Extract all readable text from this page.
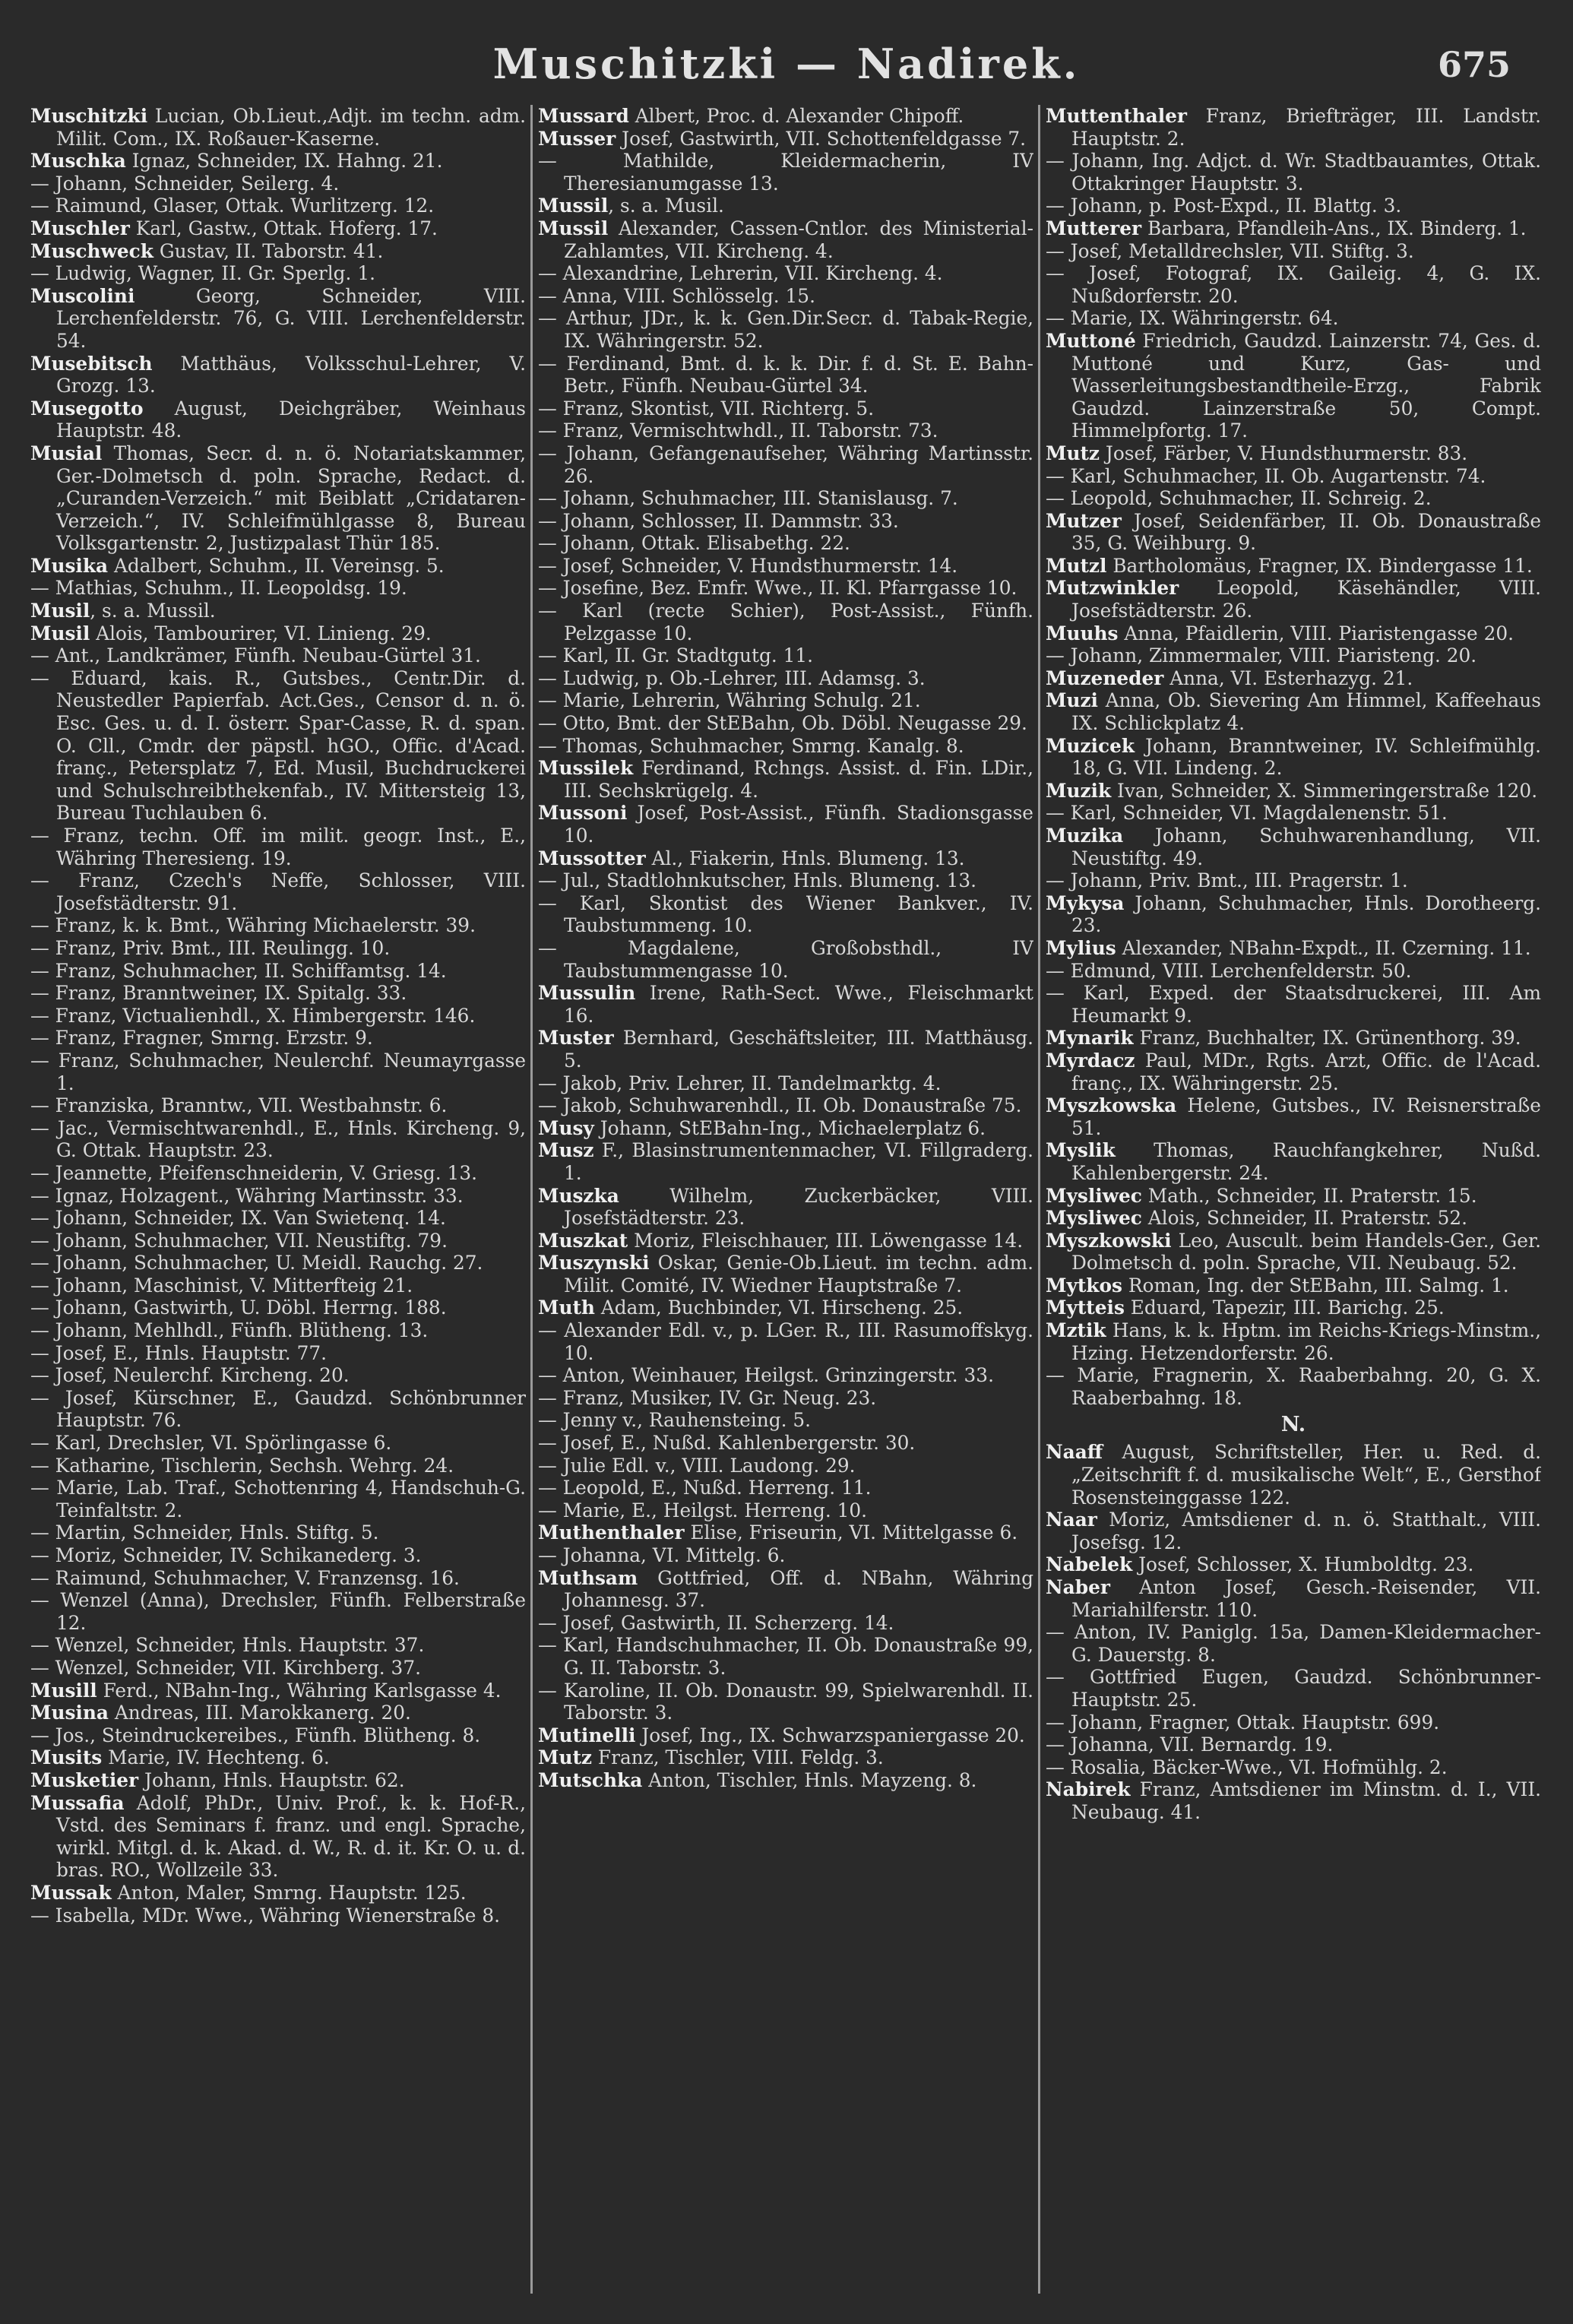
Muschitzki — Nadirek.	675

Muschitzki Lucian, Ob.Lieut.,Adjt. im techn. adm. Milit. Com., IX. Roßauer-Kaserne.

Muschka Ignaz, Schneider, IX. Hahng. 21.

— Johann, Schneider, Seilerg. 4.

— Raimund, Glaser, Ottak. Wurlitzerg. 12.

Muschler Karl, Gastw., Ottak. Hoferg. 17.

Muschweck Gustav, II. Taborstr. 41.

— Ludwig, Wagner, II. Gr. Sperlg. 1.

Muscolini Georg, Schneider, VIII. Lerchenfelderstr. 76, G. VIII. Lerchenfelderstr. 54.

Musebitsch Matthäus, Volksschul-Lehrer, V. Grozg. 13.

Musegotto August, Deichgräber, Weinhaus Hauptstr. 48.

Musial Thomas, Secr. d. n. ö. Notariatskammer, Ger.-Dolmetsch d. poln. Sprache, Redact. d.„Curanden-Verzeich.“ mit Beiblatt „Cridataren-Verzeich.“, IV. Schleifmühlgasse 8, Bureau Volksgartenstr. 2, Justizpalast Thür 185.

Musika Adalbert, Schuhm., II. Vereinsg. 5.

— Mathias, Schuhm., II. Leopoldsg. 19.

Musil, s. a. Mussil.

Musil Alois, Tambourirer, VI. Linieng. 29.

— Ant., Landkrämer, Fünfh. Neubau-Gürtel 31.

— Eduard, kais. R., Gutsbes., Centr.Dir. d. Neustedler Papierfab. Act.Ges., Censor d. n. ö. Esc. Ges. u. d. I. österr. Spar-Casse, R. d. span. O. Cll., Cmdr. der päpstl. hGO., Offic. d'Acad. franç., Petersplatz 7, Ed. Musil, Buchdruckerei und Schulschreibthekenfab., IV. Mittersteig 13, Bureau Tuchlauben 6.

— Franz, techn. Off. im milit. geogr. Inst., E., Währing Theresieng. 19.

— Franz, Czech's Neffe, Schlosser, VIII. Josefstädterstr. 91.

— Franz, k. k. Bmt., Währing Michaelerstr. 39.

— Franz, Priv. Bmt., III. Reulingg. 10.

— Franz, Schuhmacher, II. Schiffamtsg. 14.

— Franz, Branntweiner, IX. Spitalg. 33.

— Franz, Victualienhdl., X. Himbergerstr. 146.

— Franz, Fragner, Smrng. Erzstr. 9.

— Franz, Schuhmacher, Neulerchf. Neumayrgasse 1.

— Franziska, Branntw., VII. Westbahnstr. 6.

— Jac., Vermischtwarenhdl., E., Hnls. Kircheng. 9, G. Ottak. Hauptstr. 23.

— Jeannette, Pfeifenschneiderin, V. Griesg. 13.

— Ignaz, Holzagent., Währing Martinsstr. 33.

— Johann, Schneider, IX. Van Swietenq. 14.

— Johann, Schuhmacher, VII. Neustiftg. 79.

— Johann, Schuhmacher, U. Meidl. Rauchg. 27.

— Johann, Maschinist, V. Mitterfteig 21.

— Johann, Gastwirth, U. Döbl. Herrng. 188.

— Johann, Mehlhdl., Fünfh. Blütheng. 13.

— Josef, E., Hnls. Hauptstr. 77.

— Josef, Neulerchf. Kircheng. 20.

— Josef, Kürschner, E., Gaudzd. Schönbrunner Hauptstr. 76.

— Karl, Drechsler, VI. Spörlingasse 6.

— Katharine, Tischlerin, Sechsh. Wehrg. 24.

— Marie, Lab. Traf., Schottenring 4, Handschuh-G. Teinfaltstr. 2.

— Martin, Schneider, Hnls. Stiftg. 5.

— Moriz, Schneider, IV. Schikanederg. 3.

— Raimund, Schuhmacher, V. Franzensg. 16.

— Wenzel (Anna), Drechsler, Fünfh. Felberstraße 12.

— Wenzel, Schneider, Hnls. Hauptstr. 37.

— Wenzel, Schneider, VII. Kirchberg. 37.

Musill Ferd., NBahn-Ing., Währing Karlsgasse 4.

Musina Andreas, III. Marokkanerg. 20.

— Jos., Steindruckereibes., Fünfh. Blütheng. 8.

Musits Marie, IV. Hechteng. 6.

Musketier Johann, Hnls. Hauptstr. 62.

Mussafia Adolf, PhDr., Univ. Prof., k. k. Hof-R., Vstd. des Seminars f. franz. und engl. Sprache, wirkl. Mitgl. d. k. Akad. d. W., R. d. it. Kr. O. u. d. bras. RO., Wollzeile 33.

Mussak Anton, Maler, Smrng. Hauptstr. 125.

— Isabella, MDr. Wwe., Währing Wienerstraße 8.

Mussard Albert, Proc. d. Alexander Chipoff.

Musser Josef, Gastwirth, VII. Schottenfeldgasse 7.

— Mathilde, Kleidermacherin, IV Theresianumgasse 13.

Mussil, s. a. Musil.

Mussil Alexander, Cassen-Cntlor. des Ministerial-Zahlamtes, VII. Kircheng. 4.

— Alexandrine, Lehrerin, VII. Kircheng. 4.

— Anna, VIII. Schlösselg. 15.

— Arthur, JDr., k. k. Gen.Dir.Secr. d. Tabak-Regie, IX. Währingerstr. 52.

— Ferdinand, Bmt. d. k. k. Dir. f. d. St. E. Bahn-Betr., Fünfh. Neubau-Gürtel 34.

— Franz, Skontist, VII. Richterg. 5.

— Franz, Vermischtwhdl., II. Taborstr. 73.

— Johann, Gefangenaufseher, Währing Martinsstr. 26.

— Johann, Schuhmacher, III. Stanislausg. 7.

— Johann, Schlosser, II. Dammstr. 33.

— Johann, Ottak. Elisabethg. 22.

— Josef, Schneider, V. Hundsthurmerstr. 14.

— Josefine, Bez. Emfr. Wwe., II. Kl. Pfarrgasse 10.

— Karl (recte Schier), Post-Assist., Fünfh. Pelzgasse 10.

— Karl, II. Gr. Stadtgutg. 11.

— Ludwig, p. Ob.-Lehrer, III. Adamsg. 3.

— Marie, Lehrerin, Währing Schulg. 21.

— Otto, Bmt. der StEBahn, Ob. Döbl. Neugasse 29.

— Thomas, Schuhmacher, Smrng. Kanalg. 8.

Mussilek Ferdinand, Rchngs. Assist. d. Fin. LDir., III. Sechskrügelg. 4.

Mussoni Josef, Post-Assist., Fünfh. Stadionsgasse 10.

Mussotter Al., Fiakerin, Hnls. Blumeng. 13.

— Jul., Stadtlohnkutscher, Hnls. Blumeng. 13.

— Karl, Skontist des Wiener Bankver., IV. Taubstummeng. 10.

— Magdalene, Großobsthdl., IV Taubstummengasse 10.

Mussulin Irene, Rath-Sect. Wwe., Fleischmarkt 16.

Muster Bernhard, Geschäftsleiter, III. Matthäusg. 5.

— Jakob, Priv. Lehrer, II. Tandelmarktg. 4.

— Jakob, Schuhwarenhdl., II. Ob. Donaustraße 75.

Musy Johann, StEBahn-Ing., Michaelerplatz 6.

Musz F., Blasinstrumentenmacher, VI. Fillgraderg. 1.

Muszka Wilhelm, Zuckerbäcker, VIII. Josefstädterstr. 23.

Muszkat Moriz, Fleischhauer, III. Löwengasse 14.

Muszynski Oskar, Genie-Ob.Lieut. im techn. adm. Milit. Comité, IV. Wiedner Hauptstraße 7.

Muth Adam, Buchbinder, VI. Hirscheng. 25.

— Alexander Edl. v., p. LGer. R., III. Rasumoffskyg. 10.

— Anton, Weinhauer, Heilgst. Grinzingerstr. 33.

— Franz, Musiker, IV. Gr. Neug. 23.

— Jenny v., Rauhensteing. 5.

— Josef, E., Nußd. Kahlenbergerstr. 30.

— Julie Edl. v., VIII. Laudong. 29.

— Leopold, E., Nußd. Herreng. 11.

— Marie, E., Heilgst. Herreng. 10.

Muthenthaler Elise, Friseurin, VI. Mittelgasse 6.

— Johanna, VI. Mittelg. 6.

Muthsam Gottfried, Off. d. NBahn, Währing Johannesg. 37.

— Josef, Gastwirth, II. Scherzerg. 14.

— Karl, Handschuhmacher, II. Ob. Donaustraße 99, G. II. Taborstr. 3.

— Karoline, II. Ob. Donaustr. 99, Spielwarenhdl. II. Taborstr. 3.

Mutinelli Josef, Ing., IX. Schwarzspaniergasse 20.

Mutz Franz, Tischler, VIII. Feldg. 3.

Mutschka Anton, Tischler, Hnls. Mayzeng. 8.

Muttenthaler Franz, Briefträger, III. Landstr. Hauptstr. 2.

— Johann, Ing. Adjct. d. Wr. Stadtbauamtes, Ottak. Ottakringer Hauptstr. 3.

— Johann, p. Post-Expd., II. Blattg. 3.

Mutterer Barbara, Pfandleih-Ans., IX. Binderg. 1.

— Josef, Metalldrechsler, VII. Stiftg. 3.

— Josef, Fotograf, IX. Gaileig. 4, G. IX. Nußdorferstr. 20.

— Marie, IX. Währingerstr. 64.

Muttoné Friedrich, Gaudzd. Lainzerstr. 74, Ges. d. Muttoné und Kurz, Gas- und Wasserleitungsbestandtheile-Erzg., Fabrik Gaudzd. Lainzerstraße 50, Compt. Himmelpfortg. 17.

Mutz Josef, Färber, V. Hundsthurmerstr. 83.

— Karl, Schuhmacher, II. Ob. Augartenstr. 74.

— Leopold, Schuhmacher, II. Schreig. 2.

Mutzer Josef, Seidenfärber, II. Ob. Donaustraße 35, G. Weihburg. 9.

Mutzl Bartholomäus, Fragner, IX. Bindergasse 11.

Mutzwinkler Leopold, Käsehändler, VIII. Josefstädterstr. 26.

Muuhs Anna, Pfaidlerin, VIII. Piaristengasse 20.

— Johann, Zimmermaler, VIII. Piaristeng. 20.

Muzeneder Anna, VI. Esterhazyg. 21.

Muzi Anna, Ob. Sievering Am Himmel, Kaffeehaus IX. Schlickplatz 4.

Muzicek Johann, Branntweiner, IV. Schleifmühlg. 18, G. VII. Lindeng. 2.

Muzik Ivan, Schneider, X. Simmeringerstraße 120.

— Karl, Schneider, VI. Magdalenenstr. 51.

Muzika Johann, Schuhwarenhandlung, VII. Neustiftg. 49.

— Johann, Priv. Bmt., III. Pragerstr. 1.

Mykysa Johann, Schuhmacher, Hnls. Dorotheerg. 23.

Mylius Alexander, NBahn-Expdt., II. Czerning. 11.

— Edmund, VIII. Lerchenfelderstr. 50.

— Karl, Exped. der Staatsdruckerei, III. Am Heumarkt 9.

Mynarik Franz, Buchhalter, IX. Grünenthorg. 39.

Myrdacz Paul, MDr., Rgts. Arzt, Offic. de l'Acad. franç., IX. Währingerstr. 25.

Myszkowska Helene, Gutsbes., IV. Reisnerstraße 51.

Myslik Thomas, Rauchfangkehrer, Nußd. Kahlenbergerstr. 24.

Mysliwec Math., Schneider, II. Praterstr. 15.

Mysliwec Alois, Schneider, II. Praterstr. 52.

Myszkowski Leo, Auscult. beim Handels-Ger., Ger. Dolmetsch d. poln. Sprache, VII. Neubaug. 52.

Mytkos Roman, Ing. der StEBahn, III. Salmg. 1.

Mytteis Eduard, Tapezir, III. Barichg. 25.

Mztik Hans, k. k. Hptm. im Reichs-Kriegs-Minstm., Hzing. Hetzendorferstr. 26.

— Marie, Fragnerin, X. Raaberbahng. 20, G. X. Raaberbahng. 18.

N.

Naaff August, Schriftsteller, Her. u. Red. d. „Zeitschrift f. d. musikalische Welt“, E., Gersthof Rosensteinggasse 122.

Naar Moriz, Amtsdiener d. n. ö. Statthalt., VIII. Josefsg. 12.

Nabelek Josef, Schlosser, X. Humboldtg. 23.

Naber Anton Josef, Gesch.-Reisender, VII. Mariahilferstr. 110.

— Anton, IV. Paniglg. 15a, Damen-Kleidermacher-G. Dauerstg. 8.

— Gottfried Eugen, Gaudzd. Schönbrunner-Hauptstr. 25.

— Johann, Fragner, Ottak. Hauptstr. 699.

— Johanna, VII. Bernardg. 19.

— Rosalia, Bäcker-Wwe., VI. Hofmühlg. 2.

Nabirek Franz, Amtsdiener im Minstm. d. I., VII. Neubaug. 41.
